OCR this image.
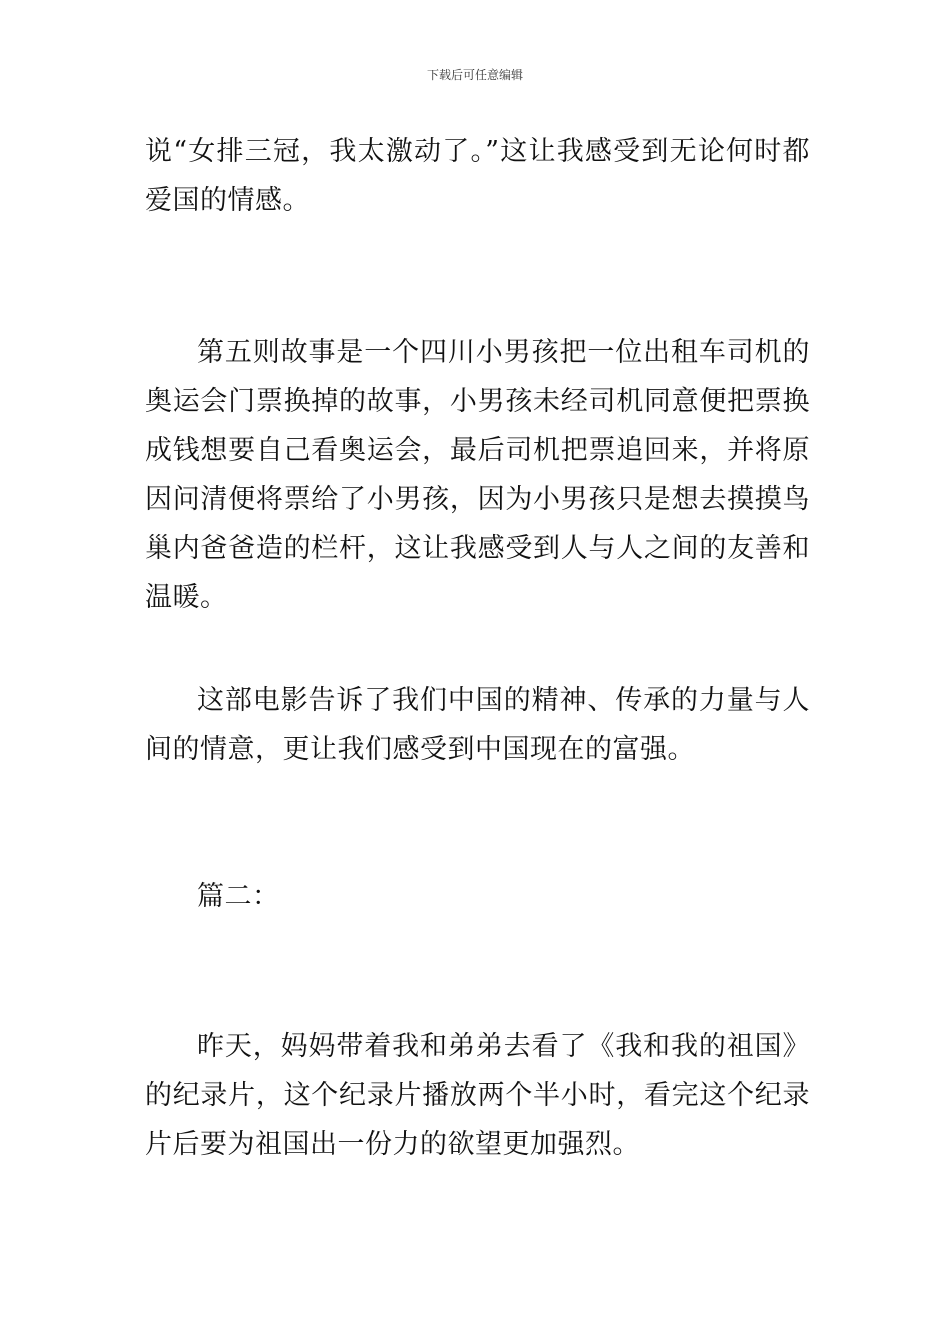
下载后可任意编辑

说“女排三冠，我太激动了。”这让我感受到无论何时都爱国的情感。

第五则故事是一个四川小男孩把一位出租车司机的奥运会门票换掉的故事，小男孩未经司机同意便把票换成钱想要自己看奥运会，最后司机把票追回来，并将原因问清便将票给了小男孩，因为小男孩只是想去摸摸鸟巢内爸爸造的栏杆，这让我感受到人与人之间的友善和温暖。

这部电影告诉了我们中国的精神、传承的力量与人间的情意，更让我们感受到中国现在的富强。

篇二：

昨天，妈妈带着我和弟弟去看了《我和我的祖国》的纪录片，这个纪录片播放两个半小时，看完这个纪录片后要为祖国出一份力的欲望更加强烈。
